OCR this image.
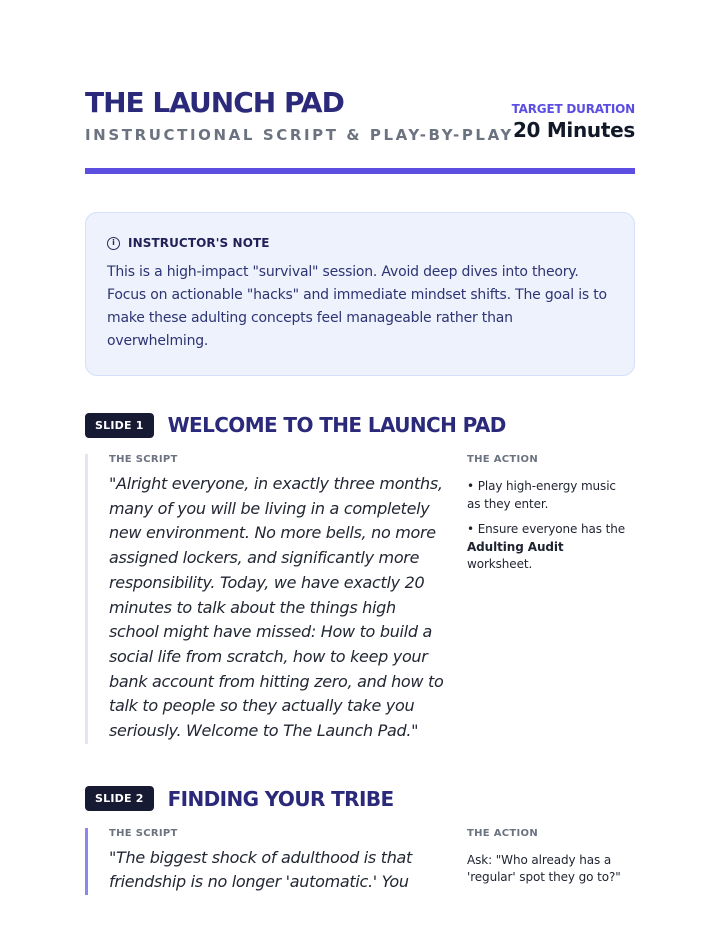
THE LAUNCH PAD
INSTRUCTIONAL SCRIPT & PLAY-BY-PLAY
TARGET DURATION
20 Minutes
i	INSTRUCTOR'S NOTE
This is a high-impact "survival" session. Avoid deep dives into theory. Focus on actionable "hacks" and immediate mindset shifts. The goal is to make these adulting concepts feel manageable rather than overwhelming.
SLIDE 1	WELCOME TO THE LAUNCH PAD
THE SCRIPT
"Alright everyone, in exactly three months, many of you will be living in a completely new environment. No more bells, no more assigned lockers, and significantly more responsibility. Today, we have exactly 20 minutes to talk about the things high school might have missed: How to build a social life from scratch, how to keep your bank account from hitting zero, and how to talk to people so they actually take you seriously. Welcome to The Launch Pad."
THE ACTION

• Play high-energy music as they enter.

• Ensure everyone has the Adulting Audit worksheet.

SLIDE 2	FINDING YOUR TRIBE
THE SCRIPT
"The biggest shock of adulthood is that friendship is no longer 'automatic.' You
THE ACTION

Ask: "Who already has a 'regular' spot they go to?"
